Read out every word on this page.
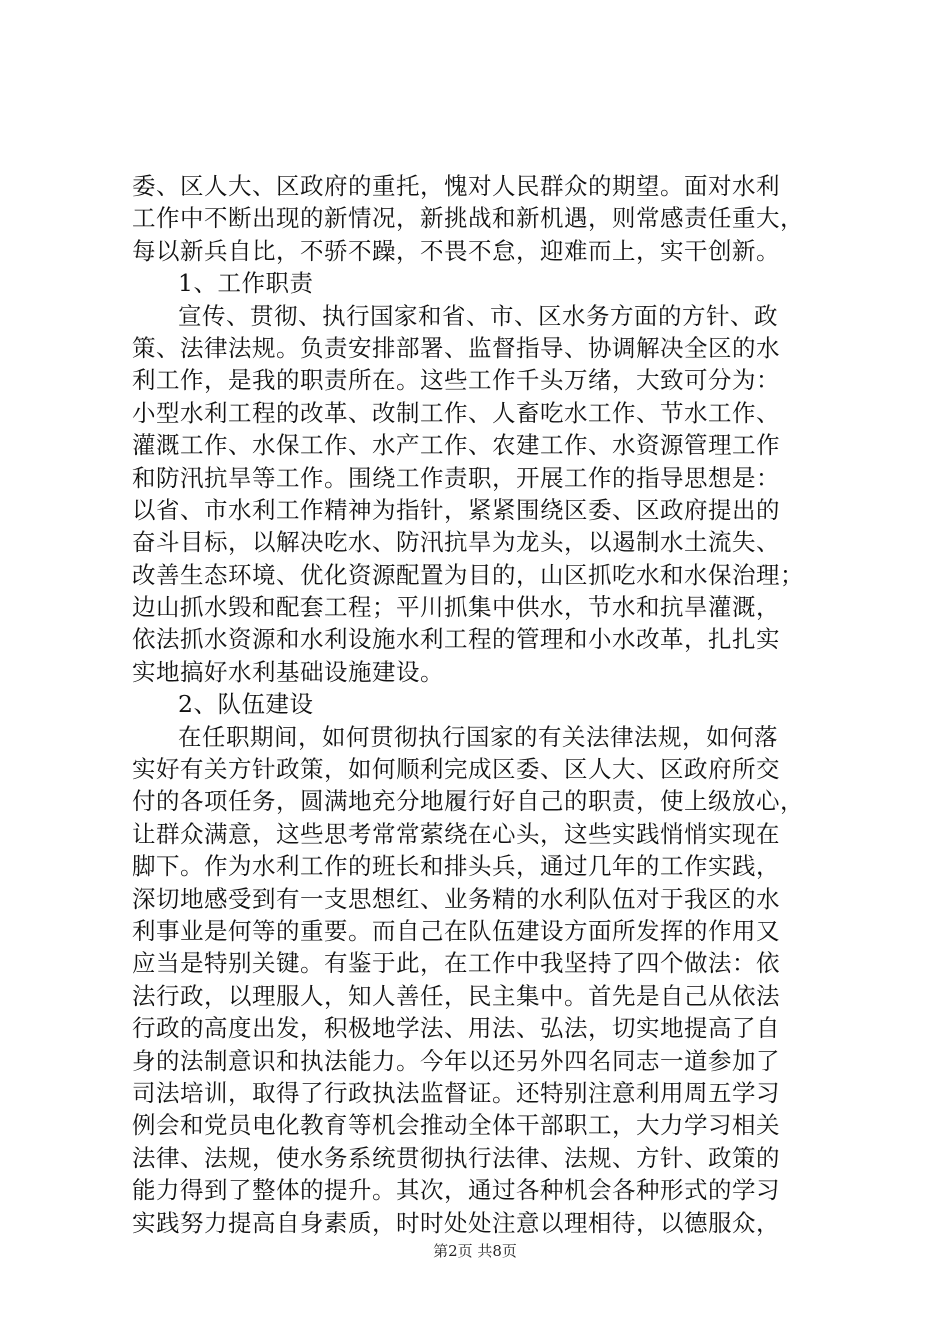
委、区人大、区政府的重托，愧对人民群众的期望。面对水利
工作中不断出现的新情况，新挑战和新机遇，则常感责任重大，
每以新兵自比，不骄不躁，不畏不怠，迎难而上，实干创新。
1、工作职责
宣传、贯彻、执行国家和省、市、区水务方面的方针、政
策、法律法规。负责安排部署、监督指导、协调解决全区的水
利工作，是我的职责所在。这些工作千头万绪，大致可分为：
小型水利工程的改革、改制工作、人畜吃水工作、节水工作、
灌溉工作、水保工作、水产工作、农建工作、水资源管理工作
和防汛抗旱等工作。围绕工作责职，开展工作的指导思想是：
以省、市水利工作精神为指针，紧紧围绕区委、区政府提出的
奋斗目标，以解决吃水、防汛抗旱为龙头，以遏制水土流失、
改善生态环境、优化资源配置为目的，山区抓吃水和水保治理；
边山抓水毁和配套工程；平川抓集中供水，节水和抗旱灌溉，
依法抓水资源和水利设施水利工程的管理和小水改革，扎扎实
实地搞好水利基础设施建设。
2、队伍建设
在任职期间，如何贯彻执行国家的有关法律法规，如何落
实好有关方针政策，如何顺利完成区委、区人大、区政府所交
付的各项任务，圆满地充分地履行好自己的职责，使上级放心，
让群众满意，这些思考常常萦绕在心头，这些实践悄悄实现在
脚下。作为水利工作的班长和排头兵，通过几年的工作实践，
深切地感受到有一支思想红、业务精的水利队伍对于我区的水
利事业是何等的重要。而自己在队伍建设方面所发挥的作用又
应当是特别关键。有鉴于此，在工作中我坚持了四个做法：依
法行政，以理服人，知人善任，民主集中。首先是自己从依法
行政的高度出发，积极地学法、用法、弘法，切实地提高了自
身的法制意识和执法能力。今年以还另外四名同志一道参加了
司法培训，取得了行政执法监督证。还特别注意利用周五学习
例会和党员电化教育等机会推动全体干部职工，大力学习相关
法律、法规，使水务系统贯彻执行法律、法规、方针、政策的
能力得到了整体的提升。其次，通过各种机会各种形式的学习
实践努力提高自身素质，时时处处注意以理相待，以德服众，
第2页 共8页
